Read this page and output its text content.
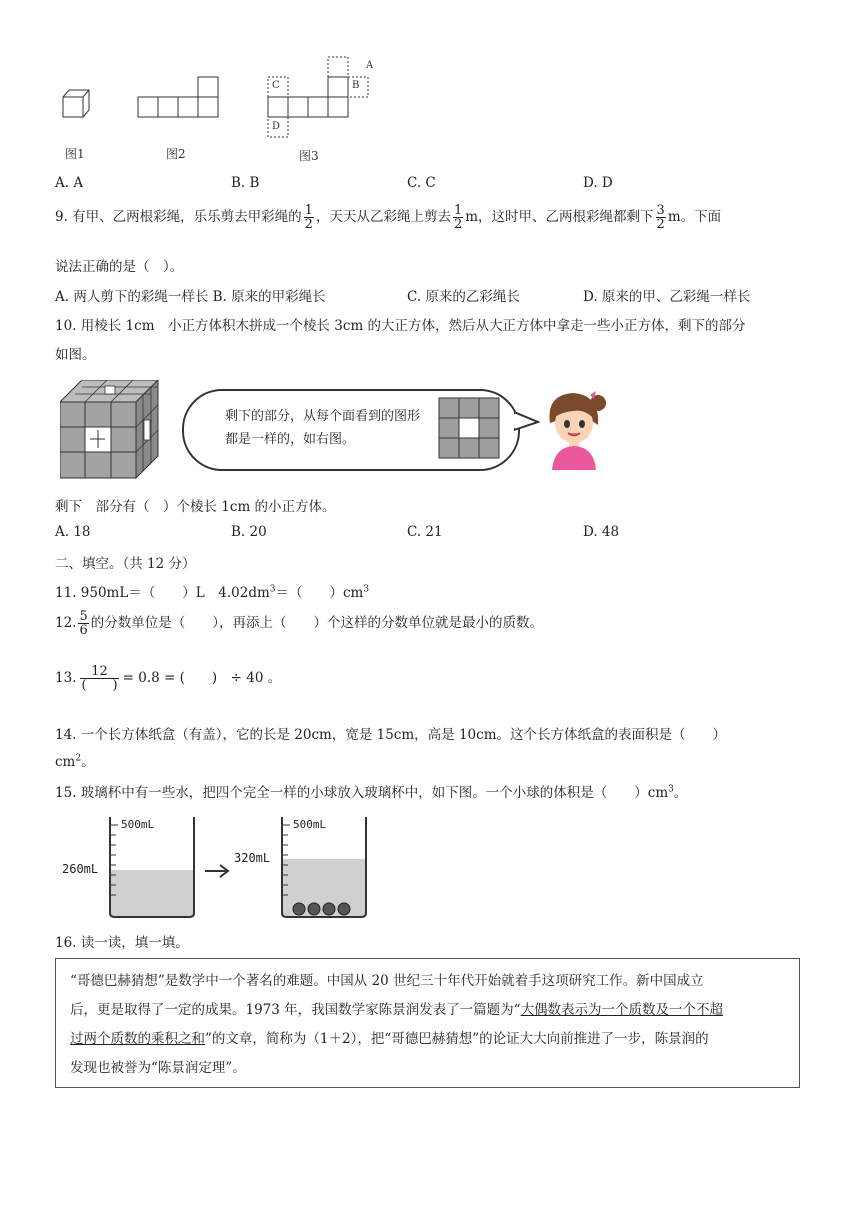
A
B
C
D
图1	图2	图3
A. A	B. B	C. C	D. D
9. 有甲、乙两根彩绳，乐乐剪去甲彩绳的 $\frac{1}{2}$ ，天天从乙彩绳上剪去 $\frac{1}{2}$ m，这时甲、乙两根彩绳都剩下 $\frac{3}{2}$ m。下面
说法正确的是（　）。
A. 两人剪下的彩绳一样长 B. 原来的甲彩绳长	C. 原来的乙彩绳长	D. 原来的甲、乙彩绳一样长
10. 用棱长 1cm　小正方体积木拼成一个棱长 3cm 的大正方体，然后从大正方体中拿走一些小正方体，剩下的部分
如图。
剩下的部分，从每个面看到的图形
都是一样的，如右图。
剩下　部分有（　）个棱长 1cm 的小正方体。
A. 18	B. 20	C. 21	D. 48
二、填空。（共 12 分）
11. 950mL＝（　　）L　$4.02dm^3=$（　　）$cm^3$
12. $\frac{5}{6}$ 的分数单位是（　　），再添上（　　）个这样的分数单位就是最小的质数。
13. $\frac{12}{( )} = 0.8$ = (　　)　÷ 40 。
14. 一个长方体纸盒（有盖），它的长是 20cm，宽是 15cm，高是 10cm。这个长方体纸盒的表面积是（　　）
$cm^2$。
15. 玻璃杯中有一些水，把四个完全一样的小球放入玻璃杯中，如下图。一个小球的体积是（　　）$cm^3$。
500mL
260mL
500mL
320mL
16. 读一读，填一填。
“哥德巴赫猜想”是数学中一个著名的难题。中国从 20 世纪三十年代开始就着手这项研究工作。新中国成立
后，更是取得了一定的成果。1973 年，我国数学家陈景润发表了一篇题为“大偶数表示为一个质数及一个不超
过两个质数的乘积之和”的文章，简称为（1＋2），把“哥德巴赫猜想”的论证大大向前推进了一步，陈景润的
发现也被誉为“陈景润定理”。
